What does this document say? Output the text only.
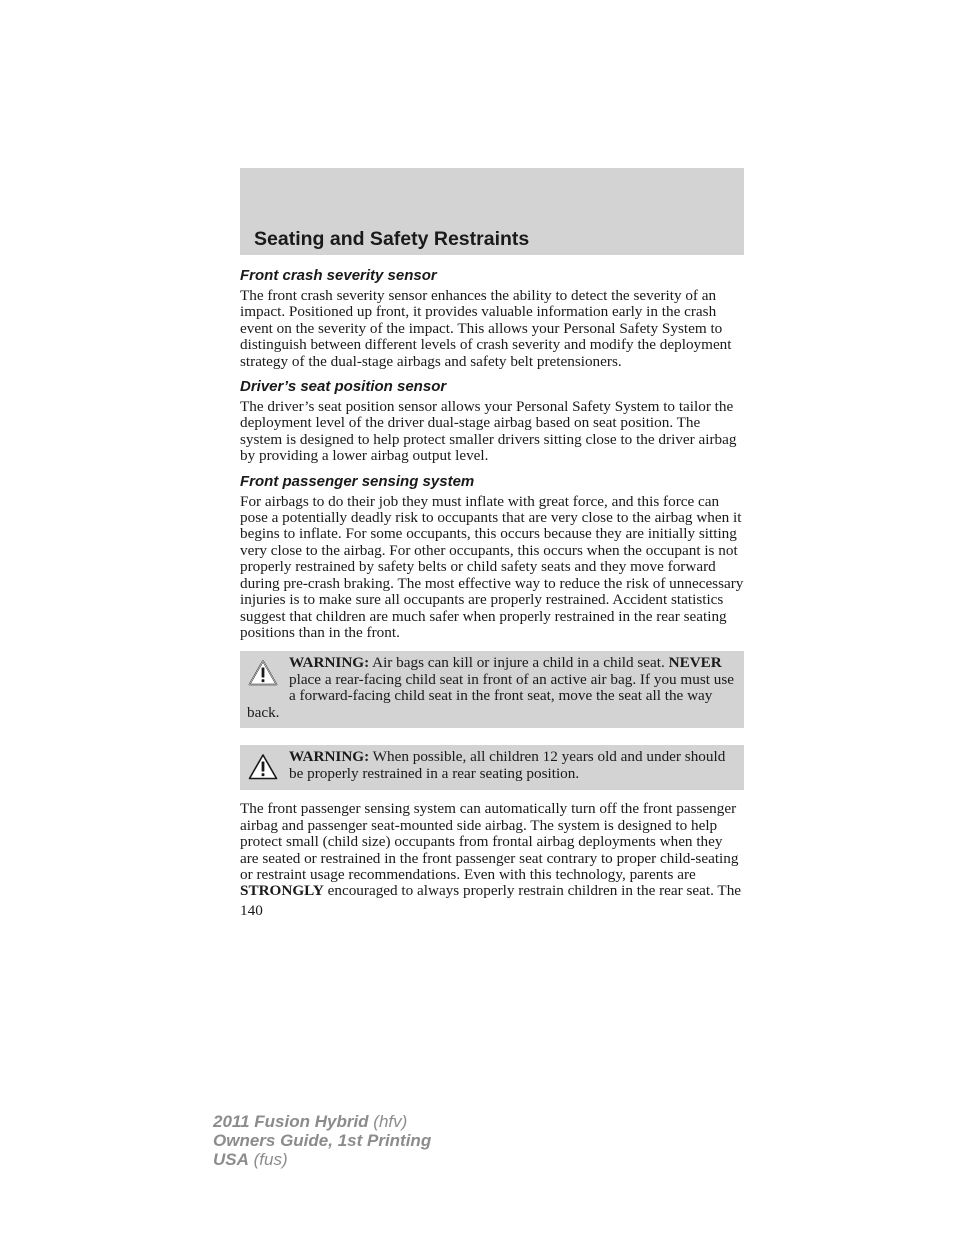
Seating and Safety Restraints
Front crash severity sensor

The front crash severity sensor enhances the ability to detect the severity of an impact. Positioned up front, it provides valuable information early in the crash event on the severity of the impact. This allows your Personal Safety System to distinguish between different levels of crash severity and modify the deployment strategy of the dual-stage airbags and safety belt pretensioners.

Driver’s seat position sensor

The driver’s seat position sensor allows your Personal Safety System to tailor the deployment level of the driver dual-stage airbag based on seat position. The system is designed to help protect smaller drivers sitting close to the driver airbag by providing a lower airbag output level.

Front passenger sensing system

For airbags to do their job they must inflate with great force, and this force can pose a potentially deadly risk to occupants that are very close to the airbag when it begins to inflate. For some occupants, this occurs because they are initially sitting very close to the airbag. For other occupants, this occurs when the occupant is not properly restrained by safety belts or child safety seats and they move forward during pre-crash braking. The most effective way to reduce the risk of unnecessary injuries is to make sure all occupants are properly restrained. Accident statistics suggest that children are much safer when properly restrained in the rear seating positions than in the front.

WARNING: Air bags can kill or injure a child in a child seat. NEVER place a rear-facing child seat in front of an active air bag. If you must use a forward-facing child seat in the front seat, move the seat all the way back.

WARNING: When possible, all children 12 years old and under should be properly restrained in a rear seating position.

The front passenger sensing system can automatically turn off the front passenger airbag and passenger seat-mounted side airbag. The system is designed to help protect small (child size) occupants from frontal airbag deployments when they are seated or restrained in the front passenger seat contrary to proper child-seating or restraint usage recommendations. Even with this technology, parents are STRONGLY encouraged to always properly restrain children in the rear seat. The

140

2011 Fusion Hybrid (hfv)
Owners Guide, 1st Printing
USA (fus)
